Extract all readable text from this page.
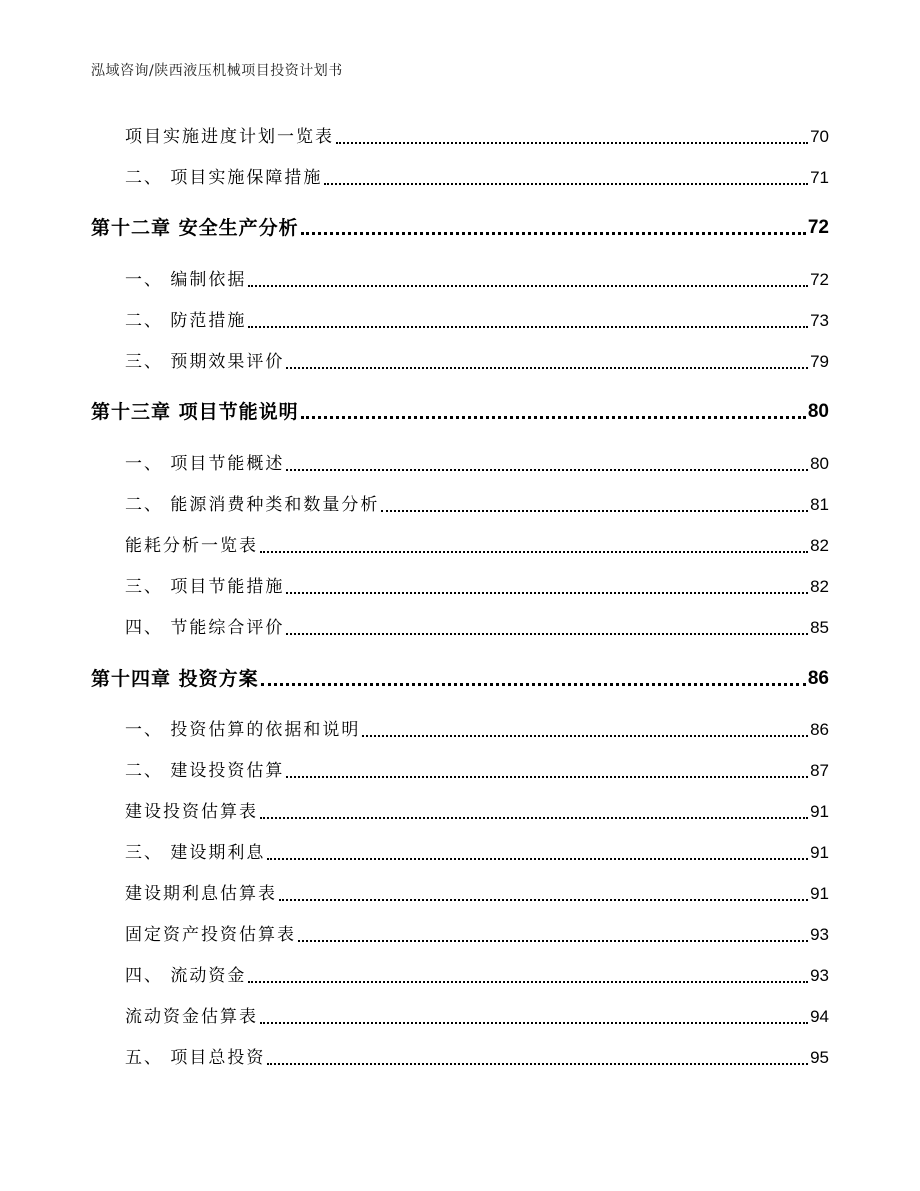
泓域咨询/陕西液压机械项目投资计划书
项目实施进度计划一览表	70
二、 项目实施保障措施	71
第十二章 安全生产分析	72
一、 编制依据	72
二、 防范措施	73
三、 预期效果评价	79
第十三章 项目节能说明	80
一、 项目节能概述	80
二、 能源消费种类和数量分析	81
能耗分析一览表	82
三、 项目节能措施	82
四、 节能综合评价	85
第十四章 投资方案	86
一、 投资估算的依据和说明	86
二、 建设投资估算	87
建设投资估算表	91
三、 建设期利息	91
建设期利息估算表	91
固定资产投资估算表	93
四、 流动资金	93
流动资金估算表	94
五、 项目总投资	95
